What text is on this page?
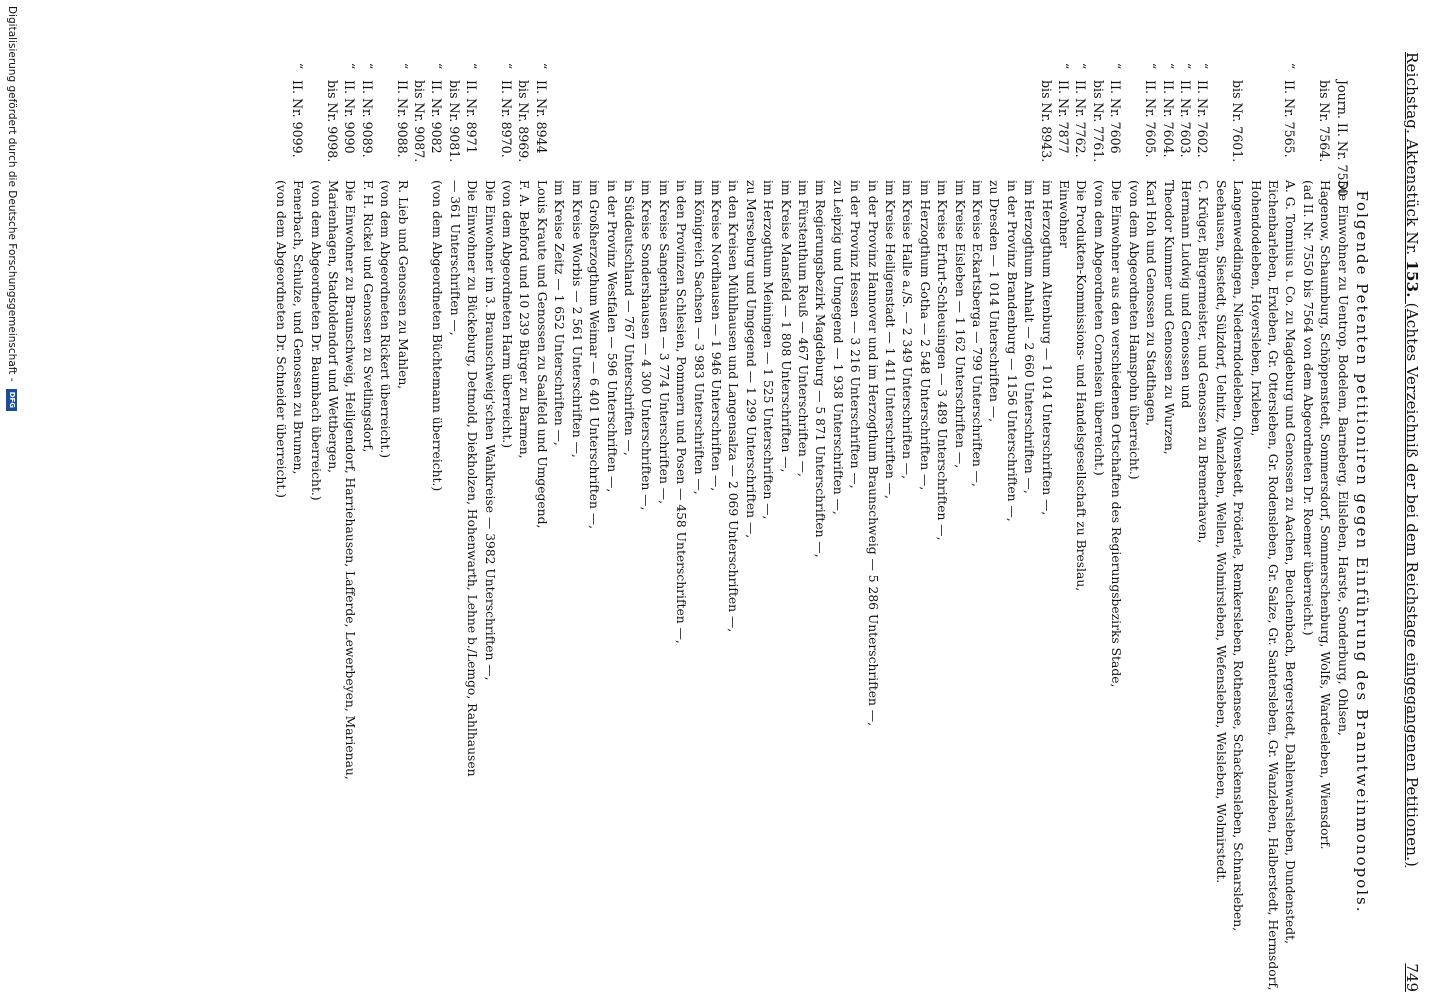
Reichstag. Aktenstück Nr. 153. (Achtes Verzeichniß der bei dem Reichstage eingegangenen Petitionen.)
749
Folgende Petenten petitioniren gegen Einführung des Branntweinmonopols.
Journ. II. Nr. 7550
Die Einwohner zu Uentrop, Bodelem, Barneberg, Eilsleben, Harste, Sonderburg, Ohlsen,
bis Nr. 7564.
Hagenow, Schaumburg, Schöppenstedt, Sommersdorf, Sommerschenburg, Wolfs, Wardeeleben, Wiensdorf.
(ad II. Nr. 7550 bis 7564 von dem Abgeordneten Dr. Roemer überreicht.)
“
II. Nr. 7565.
A. G. Tomnius u. Co. zu Magdeburg und Genossen zu Aachen, Beuchenbach, Bergerstedt, Dahlenwarsleben, Dundenstedt, Eichenbarleben, Erxleben, Gr. Ottersleben, Gr. Rodensleben, Gr. Salze, Gr. Santersleben, Gr. Wanzleben, Halberstedt, Hermsdorf, Hohendodeleben, Hoyersleben, Irxleben,
bis Nr. 7601.
Langenweddingen, Niederndodeleben, Olvenstedt, Pröderle, Remkersleben, Rothensee, Schackensleben, Schnarsleben, Seehausen, Siestedt, Sülzdorf, Uelnitz, Wanzleben, Wellen, Wolmirsleben, Wefensleben, Welsleben, Wolmirstedt.
“
II. Nr. 7602.
C. Krüger, Bürgermeister, und Genossen zu Bremerhaven,
“
II. Nr. 7603.
Hermann Ludwig und Genossen und
“
II. Nr. 7604.
Theodor Kummer und Genossen zu Wurzen,
“
II. Nr. 7605.
Karl Hoh und Genossen zu Stadthagen,
(von dem Abgeordneten Hamspohn überreicht.)
“
II. Nr. 7606
Die Einwohner aus den verschiedenen Ortschaften des Regierungsbezirks Stade,
bis Nr. 7761.
(von dem Abgeordneten Cornelsen überreicht.)
“
II. Nr. 7762.
Die Produkten-Kommissions- und Handelsgesellschaft zu Breslau,
“
II. Nr. 7877
Einwohner
bis Nr. 8943.
im Herzogthum Altenburg — 1 014 Unterschriften —,
im Herzogthum Anhalt — 2 660 Unterschriften —,
in der Provinz Brandenburg — 1156 Unterschriften —,
zu Dresden — 1 014 Unterschriften —,
im Kreise Eckartsberga — 799 Unterschriften —,
im Kreise Eisleben — 1 162 Unterschriften —,
im Kreise Erfurt-Schleusingen — 3 489 Unterschriften —,
im Herzogthum Gotha — 2 548 Unterschriften —,
im Kreise Halle a./S. — 2 349 Unterschriften —,
im Kreise Heiligenstadt — 1 411 Unterschriften —,
in der Provinz Hannover und im Herzogthum Braunschweig — 5 286 Unterschriften —,
in der Provinz Hessen — 3 216 Unterschriften —,
zu Leipzig und Umgegend — 1 938 Unterschriften —,
im Regierungsbezirk Magdeburg — 5 871 Unterschriften —,
im Fürstenthum Reuß — 467 Unterschriften —,
im Kreise Mansfeld — 1 808 Unterschriften —,
im Herzogthum Meiningen — 1 525 Unterschriften —,
zu Merseburg und Umgegend — 1 299 Unterschriften —,
in den Kreisen Mühlhausen und Langensalza — 2 069 Unterschriften —,
im Kreise Nordhausen — 1 946 Unterschriften —,
im Königreich Sachsen — 3 983 Unterschriften —,
in den Provinzen Schlesien, Pommern und Posen — 458 Unterschriften —,
im Kreise Sangerhausen — 3 774 Unterschriften —,
im Kreise Sondershausen — 4 300 Unterschriften —,
in Süddeutschland — 767 Unterschriften —,
in der Provinz Westfalen — 596 Unterschriften —,
im Großherzogthum Weimar — 6 401 Unterschriften —,
im Kreise Worbis — 2 561 Unterschriften —,
im Kreise Zeitz — 1 652 Unterschriften —,
“
II. Nr. 8944
Louis Kraute und Genossen zu Saalfeld und Umgegend,
bis Nr. 8969.
F. A. Bebford und 10 239 Bürger zu Barmen,
“
II. Nr. 8970.
(von dem Abgeordneten Harm überreicht.)
Die Einwohner im 3. Braunschweig'schen Wahlkreise — 3982 Unterschriften —,
“
II. Nr. 8971
Die Einwohner zu Bückeburg, Detmold, Diekholzen, Hohenwarth, Lehne b./Lemgo, Rahlhausen
bis Nr. 9081.
— 361 Unterschriften —,
“
II. Nr. 9082
(von dem Abgeordneten Büchtemann überreicht.)
bis Nr. 9087.
“
II. Nr. 9088.
R. Lieb und Genossen zu Mahlen,
(von dem Abgeordneten Rickert überreicht.)
“
II. Nr. 9089.
F. H. Rickel und Genossen zu Svetlingsdorf,
“
II. Nr. 9090
Die Einwohner zu Braunschweig, Heiligendorf, Harriehausen, Lafferde, Lewerbeyen, Marienau,
bis Nr. 9098.
Marienhagen, Stadtoldendorf und Wettbergen,
(von dem Abgeordneten Dr. Baumbach überreicht.)
“
II. Nr. 9099.
Fenerbach, Schulze, und Genossen zu Brumen,
(von dem Abgeordneten Dr. Schneider überreicht.)
Digitalisierung gefördert durch die Deutsche Forschungsgemeinschaft - DFG
